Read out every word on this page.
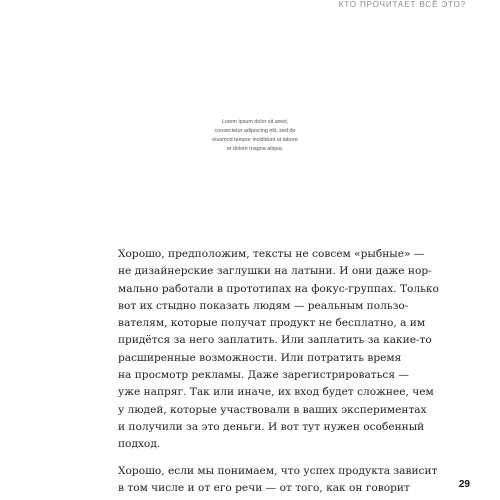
КТО ПРОЧИТАЕТ ВСЁ ЭТО?
Lorem ipsum dolor sit amet,
consectetur adipiscing elit, sed do
eiusmod tempor incididunt ut labore
et dolore magna aliqua.

Хорошо, предположим, тексты не совсем «рыбные» —
не дизайнерские заглушки на латыни. И они даже нор-
мально работали в прототипах на фокус-группах. Только
вот их стыдно показать людям — реальным пользо-
вателям, которые получат продукт не бесплатно, а им
придётся за него заплатить. Или заплатить за какие-то
расширенные возможности. Или потратить время
на просмотр рекламы. Даже зарегистрироваться —
уже напряг. Так или иначе, их вход будет сложнее, чем
у людей, которые участвовали в ваших экспериментах
и получили за это деньги. И вот тут нужен особенный
подход.

Хорошо, если мы понимаем, что успех продукта зависит
в том числе и от его речи — от того, как он говорит	29
